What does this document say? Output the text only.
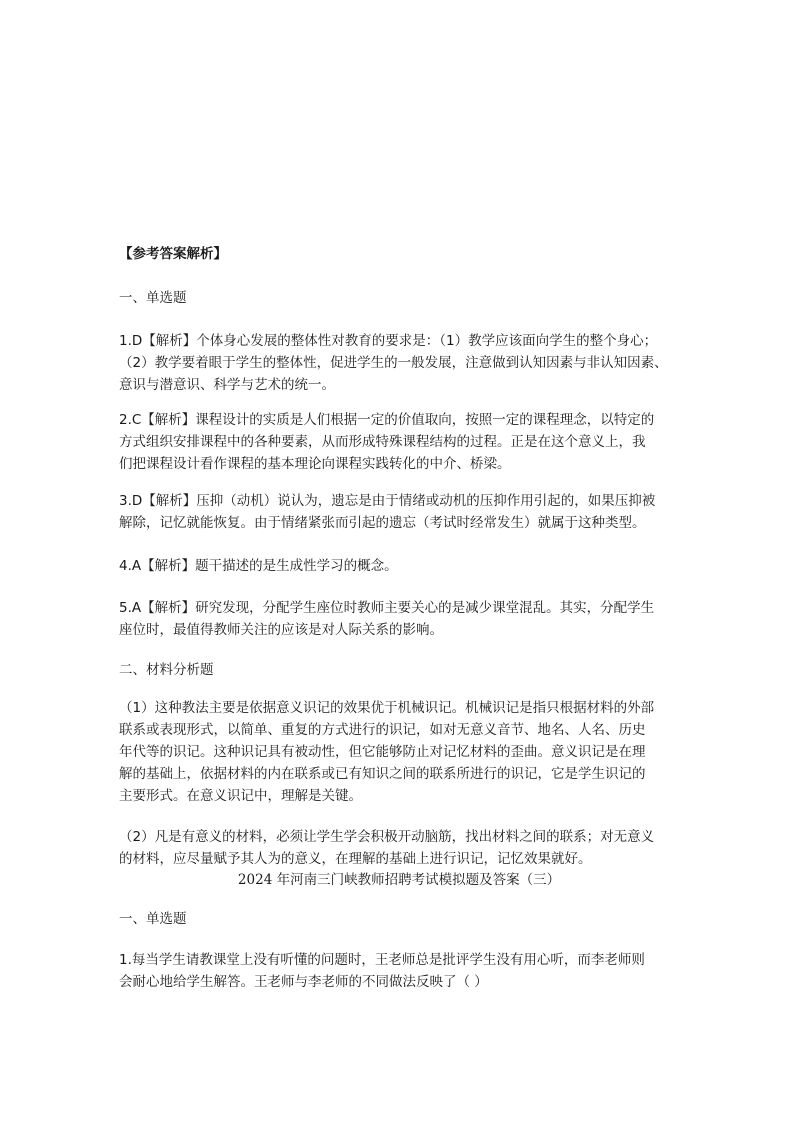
【参考答案解析】
一、单选题
1.D【解析】个体身心发展的整体性对教育的要求是：（1）教学应该面向学生的整个身心；
（2）教学要着眼于学生的整体性，促进学生的一般发展，注意做到认知因素与非认知因素、
意识与潜意识、科学与艺术的统一。
2.C【解析】课程设计的实质是人们根据一定的价值取向，按照一定的课程理念，以特定的
方式组织安排课程中的各种要素，从而形成特殊课程结构的过程。正是在这个意义上，我
们把课程设计看作课程的基本理论向课程实践转化的中介、桥梁。
3.D【解析】压抑（动机）说认为，遗忘是由于情绪或动机的压抑作用引起的，如果压抑被
解除，记忆就能恢复。由于情绪紧张而引起的遗忘（考试时经常发生）就属于这种类型。
4.A【解析】题干描述的是生成性学习的概念。
5.A【解析】研究发现，分配学生座位时教师主要关心的是减少课堂混乱。其实，分配学生
座位时，最值得教师关注的应该是对人际关系的影响。
二、材料分析题
（1）这种教法主要是依据意义识记的效果优于机械识记。机械识记是指只根据材料的外部
联系或表现形式，以简单、重复的方式进行的识记，如对无意义音节、地名、人名、历史
年代等的识记。这种识记具有被动性，但它能够防止对记忆材料的歪曲。意义识记是在理
解的基础上，依据材料的内在联系或已有知识之间的联系所进行的识记，它是学生识记的
主要形式。在意义识记中，理解是关键。
（2）凡是有意义的材料，必须让学生学会积极开动脑筋，找出材料之间的联系；对无意义
的材料，应尽量赋予其人为的意义，在理解的基础上进行识记，记忆效果就好。
2024 年河南三门峡教师招聘考试模拟题及答案（三）
一、单选题
1.每当学生请教课堂上没有听懂的问题时，王老师总是批评学生没有用心听，而李老师则
会耐心地给学生解答。王老师与李老师的不同做法反映了（ ）
